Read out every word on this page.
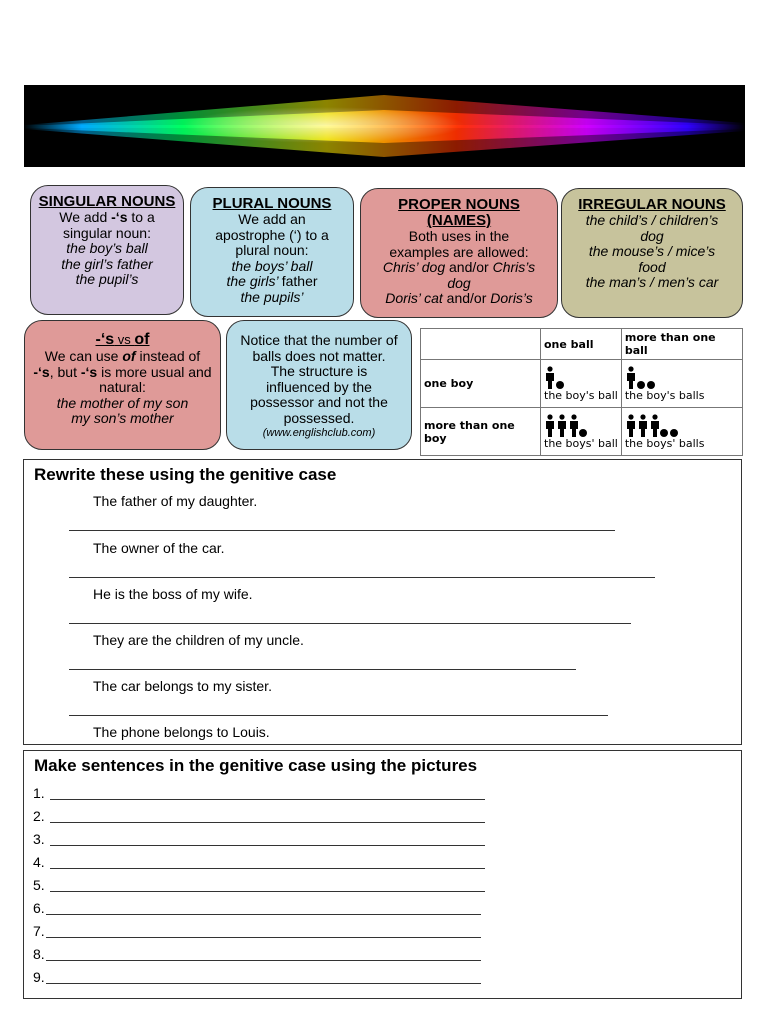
SINGULAR NOUNS
We add -‘s to a singular noun:
the boy’s ball
the girl’s father
the pupil’s
PLURAL NOUNS
We add an apostrophe (‘) to a plural noun:
the boys’ ball
the girls’ father
the pupils’
PROPER NOUNS (NAMES)
Both uses in the examples are allowed:
Chris’ dog and/or Chris’s dog
Doris’ cat and/or Doris’s
IRREGULAR NOUNS
the child’s / children’s dog
the mouse’s / mice’s food
the man’s / men’s car
-‘s vs of
We can use of instead of
-‘s, but -‘s is more usual and natural:
the mother of my son
my son’s mother
Notice that the number of balls does not matter. The structure is influenced by the possessor and not the possessed.
(www.englishclub.com)
	one ball	more than one ball
one boy	the boy's ball	the boy's balls

more than one boy	the boys' ball	the boys' balls
Rewrite these using the genitive case
The father of my daughter.
The owner of the car.
He is the boss of my wife.
They are the children of my uncle.
The car belongs to my sister.
The phone belongs to Louis.
Make sentences in the genitive case using the pictures
1.
2.
3.
4.
5.
6.
7.
8.
9.
